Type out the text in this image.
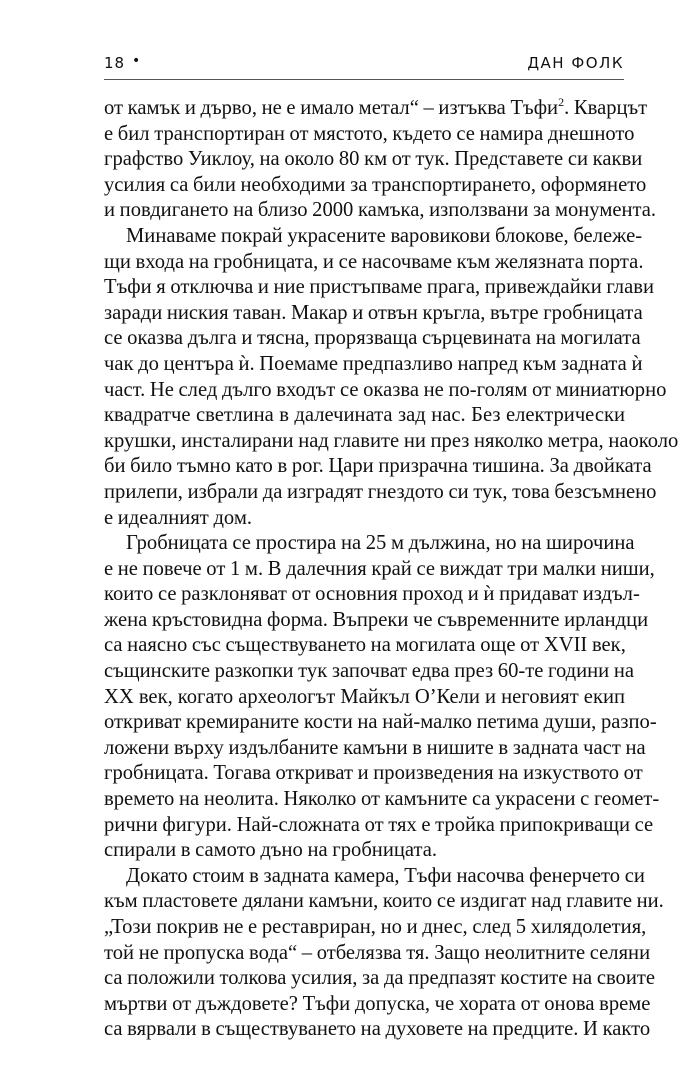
18 •	ДАН ФОЛК
от камък и дърво, не е имало метал“ – изтъква Тъфи$^2$. Кварцът
е бил транспортиран от мястото, където се намира днешното
графство Уиклоу, на около 80 км от тук. Представете си какви
усилия са били необходими за транспортирането, оформянето
и повдигането на близо 2000 камъка, използвани за монумента.
Минаваме покрай украсените варовикови блокове, бележе-
щи входа на гробницата, и се насочваме към желязната порта.
Тъфи я отключва и ние пристъпваме прага, привеждайки глави
заради ниския таван. Макар и отвън кръгла, вътре гробницата
се оказва дълга и тясна, прорязваща сърцевината на могилата
чак до центъра ѝ. Поемаме предпазливо напред към задната ѝ
част. Не след дълго входът се оказва не по-голям от миниатюрно
квадратче светлина в далечината зад нас. Без електрически
крушки, инсталирани над главите ни през няколко метра, наоколо
би било тъмно като в рог. Цари призрачна тишина. За двойката
прилепи, избрали да изградят гнездото си тук, това безсъмнено
е идеалният дом.
Гробницата се простира на 25 м дължина, но на широчина
е не повече от 1 м. В далечния край се виждат три малки ниши,
които се разклоняват от основния проход и ѝ придават издъл-
жена кръстовидна форма. Въпреки че съвременните ирландци
са наясно със съществуването на могилата още от XVII век,
същинските разкопки тук започват едва през 60-те години на
XX век, когато археологът Майкъл О’Кели и неговият екип
откриват кремираните кости на най-малко петима души, разпо-
ложени върху издълбаните камъни в нишите в задната част на
гробницата. Тогава откриват и произведения на изкуството от
времето на неолита. Няколко от камъните са украсени с геомет-
рични фигури. Най-сложната от тях е тройка припокриващи се
спирали в самото дъно на гробницата.
Докато стоим в задната камера, Тъфи насочва фенерчето си
към пластовете дялани камъни, които се издигат над главите ни.
„Този покрив не е реставриран, но и днес, след 5 хилядолетия,
той не пропуска вода“ – отбелязва тя. Защо неолитните селяни
са положили толкова усилия, за да предпазят костите на своите
мъртви от дъждовете? Тъфи допуска, че хората от онова време
са вярвали в съществуването на духовете на предците. И както
